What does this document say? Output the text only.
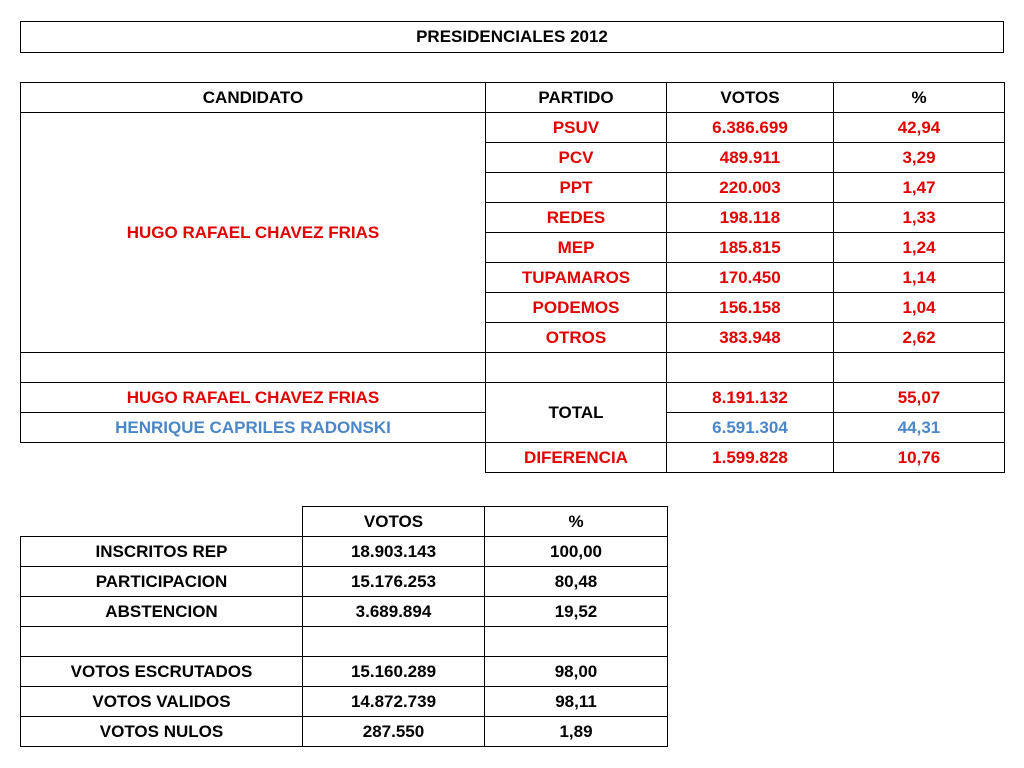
PRESIDENCIALES 2012
CANDIDATO	PARTIDO	VOTOS	%
HUGO RAFAEL CHAVEZ FRIAS	PSUV	6.386.699	42,94
	PCV	489.911	3,29
	PPT	220.003	1,47
	REDES	198.118	1,33
	MEP	185.815	1,24
	TUPAMAROS	170.450	1,14
	PODEMOS	156.158	1,04
	OTROS	383.948	2,62

HUGO RAFAEL CHAVEZ FRIAS	TOTAL	8.191.132	55,07
HENRIQUE CAPRILES RADONSKI		6.591.304	44,31
	DIFERENCIA	1.599.828	10,76
	VOTOS	%
INSCRITOS REP	18.903.143	100,00
PARTICIPACION	15.176.253	80,48
ABSTENCION	3.689.894	19,52

VOTOS ESCRUTADOS	15.160.289	98,00
VOTOS VALIDOS	14.872.739	98,11
VOTOS NULOS	287.550	1,89
